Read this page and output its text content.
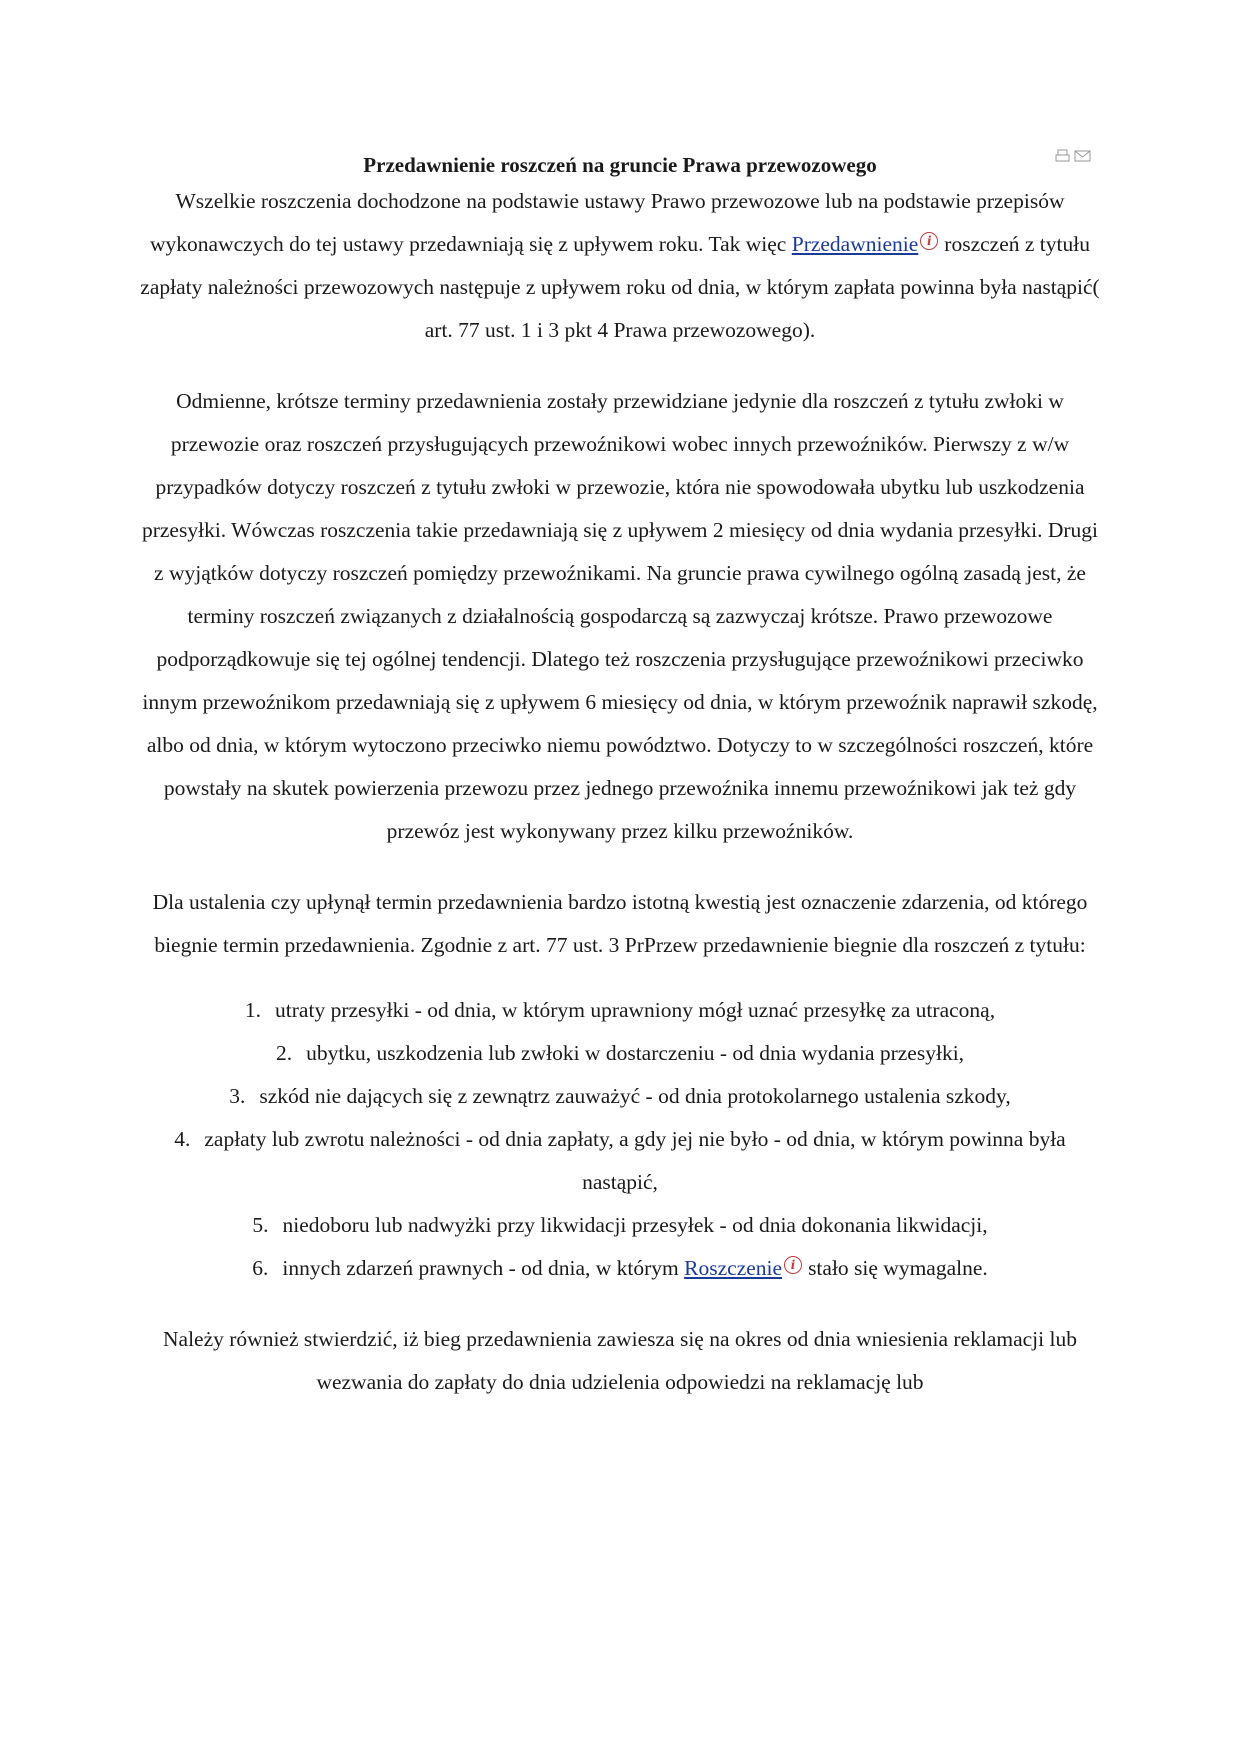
Przedawnienie roszczeń na gruncie Prawa przewozowego

Wszelkie roszczenia dochodzone na podstawie ustawy Prawo przewozowe lub na podstawie przepisów wykonawczych do tej ustawy przedawniają się z upływem roku. Tak więc Przedawnienie i roszczeń z tytułu zapłaty należności przewozowych następuje z upływem roku od dnia, w którym zapłata powinna była nastąpić( art. 77 ust. 1 i 3 pkt 4 Prawa przewozowego).

Odmienne, krótsze terminy przedawnienia zostały przewidziane jedynie dla roszczeń z tytułu zwłoki w przewozie oraz roszczeń przysługujących przewoźnikowi wobec innych przewoźników. Pierwszy z w/w przypadków dotyczy roszczeń z tytułu zwłoki w przewozie, która nie spowodowała ubytku lub uszkodzenia przesyłki. Wówczas roszczenia takie przedawniają się z upływem 2 miesięcy od dnia wydania przesyłki. Drugi z wyjątków dotyczy roszczeń pomiędzy przewoźnikami. Na gruncie prawa cywilnego ogólną zasadą jest, że terminy roszczeń związanych z działalnością gospodarczą są zazwyczaj krótsze. Prawo przewozowe podporządkowuje się tej ogólnej tendencji. Dlatego też roszczenia przysługujące przewoźnikowi przeciwko innym przewoźnikom przedawniają się z upływem 6 miesięcy od dnia, w którym przewoźnik naprawił szkodę, albo od dnia, w którym wytoczono przeciwko niemu powództwo. Dotyczy to w szczególności roszczeń, które powstały na skutek powierzenia przewozu przez jednego przewoźnika innemu przewoźnikowi jak też gdy przewóz jest wykonywany przez kilku przewoźników.

Dla ustalenia czy upłynął termin przedawnienia bardzo istotną kwestią jest oznaczenie zdarzenia, od którego biegnie termin przedawnienia. Zgodnie z art. 77 ust. 3 PrPrzew przedawnienie biegnie dla roszczeń z tytułu:

1. utraty przesyłki - od dnia, w którym uprawniony mógł uznać przesyłkę za utraconą,
2. ubytku, uszkodzenia lub zwłoki w dostarczeniu - od dnia wydania przesyłki,
3. szkód nie dających się z zewnątrz zauważyć - od dnia protokolarnego ustalenia szkody,
4. zapłaty lub zwrotu należności - od dnia zapłaty, a gdy jej nie było - od dnia, w którym powinna była nastąpić,
5. niedoboru lub nadwyżki przy likwidacji przesyłek - od dnia dokonania likwidacji,
6. innych zdarzeń prawnych - od dnia, w którym Roszczenie i stało się wymagalne.

Należy również stwierdzić, iż bieg przedawnienia zawiesza się na okres od dnia wniesienia reklamacji lub wezwania do zapłaty do dnia udzielenia odpowiedzi na reklamację lub
